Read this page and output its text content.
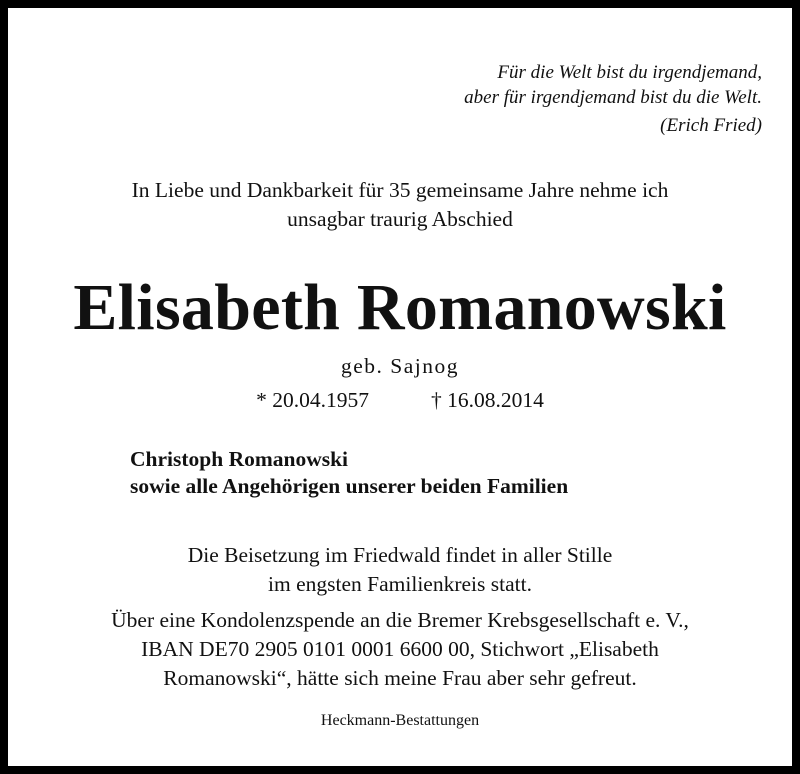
Für die Welt bist du irgendjemand,
aber für irgendjemand bist du die Welt.
(Erich Fried)
In Liebe und Dankbarkeit für 35 gemeinsame Jahre nehme ich
unsagbar traurig Abschied
Elisabeth Romanowski
geb. Sajnog
* 20.04.1957	† 16.08.2014
Christoph Romanowski
sowie alle Angehörigen unserer beiden Familien
Die Beisetzung im Friedwald findet in aller Stille
im engsten Familienkreis statt.
Über eine Kondolenzspende an die Bremer Krebsgesellschaft e. V.,
IBAN DE70 2905 0101 0001 6600 00, Stichwort „Elisabeth
Romanowski“, hätte sich meine Frau aber sehr gefreut.
Heckmann-Bestattungen
